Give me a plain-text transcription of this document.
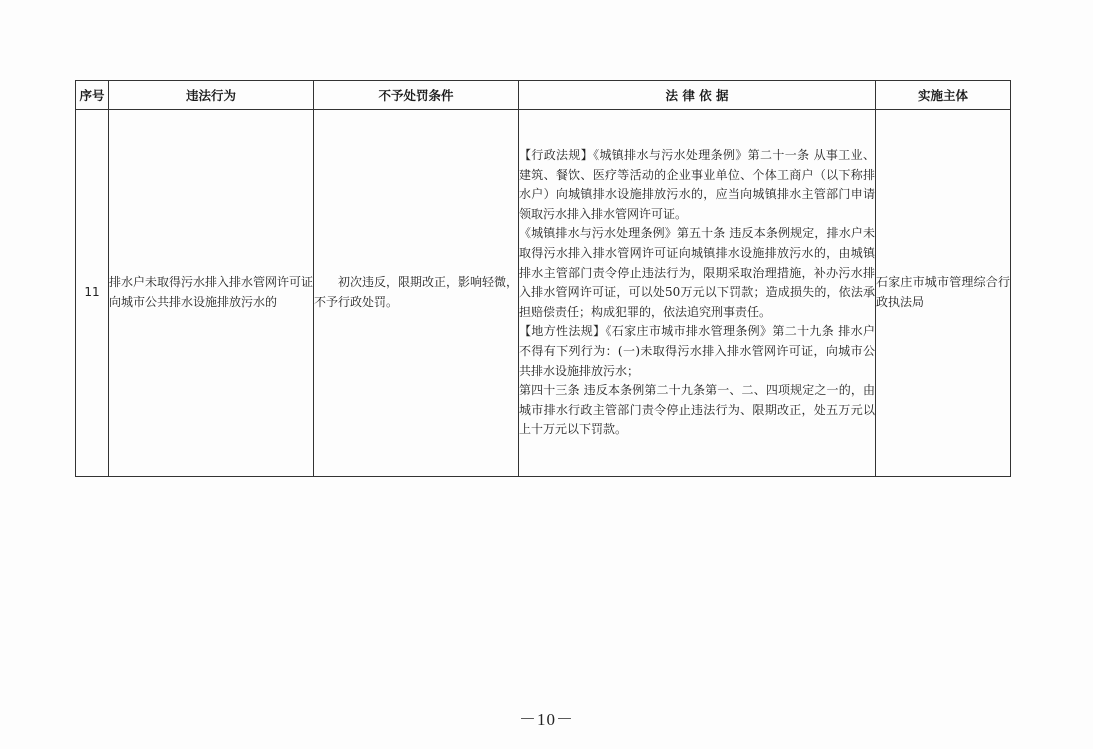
序号	违法行为	不予处罚条件	法 律 依 据	实施主体
11	排水户未取得污水排入排水管网许可证向城市公共排水设施排放污水的	初次违反，限期改正，影响轻微，不予行政处罚。	【行政法规】《城镇排水与污水处理条例》第二十一条 从事工业、建筑、餐饮、医疗等活动的企业事业单位、个体工商户（以下称排水户）向城镇排水设施排放污水的，应当向城镇排水主管部门申请领取污水排入排水管网许可证。

《城镇排水与污水处理条例》第五十条 违反本条例规定，排水户未取得污水排入排水管网许可证向城镇排水设施排放污水的，由城镇排水主管部门责令停止违法行为，限期采取治理措施，补办污水排入排水管网许可证，可以处50万元以下罚款；造成损失的，依法承担赔偿责任；构成犯罪的，依法追究刑事责任。

【地方性法规】《石家庄市城市排水管理条例》第二十九条 排水户不得有下列行为：(一)未取得污水排入排水管网许可证，向城市公共排水设施排放污水；

第四十三条 违反本条例第二十九条第一、二、四项规定之一的，由城市排水行政主管部门责令停止违法行为、限期改正，处五万元以上十万元以下罚款。	石家庄市城市管理综合行政执法局
－10－
